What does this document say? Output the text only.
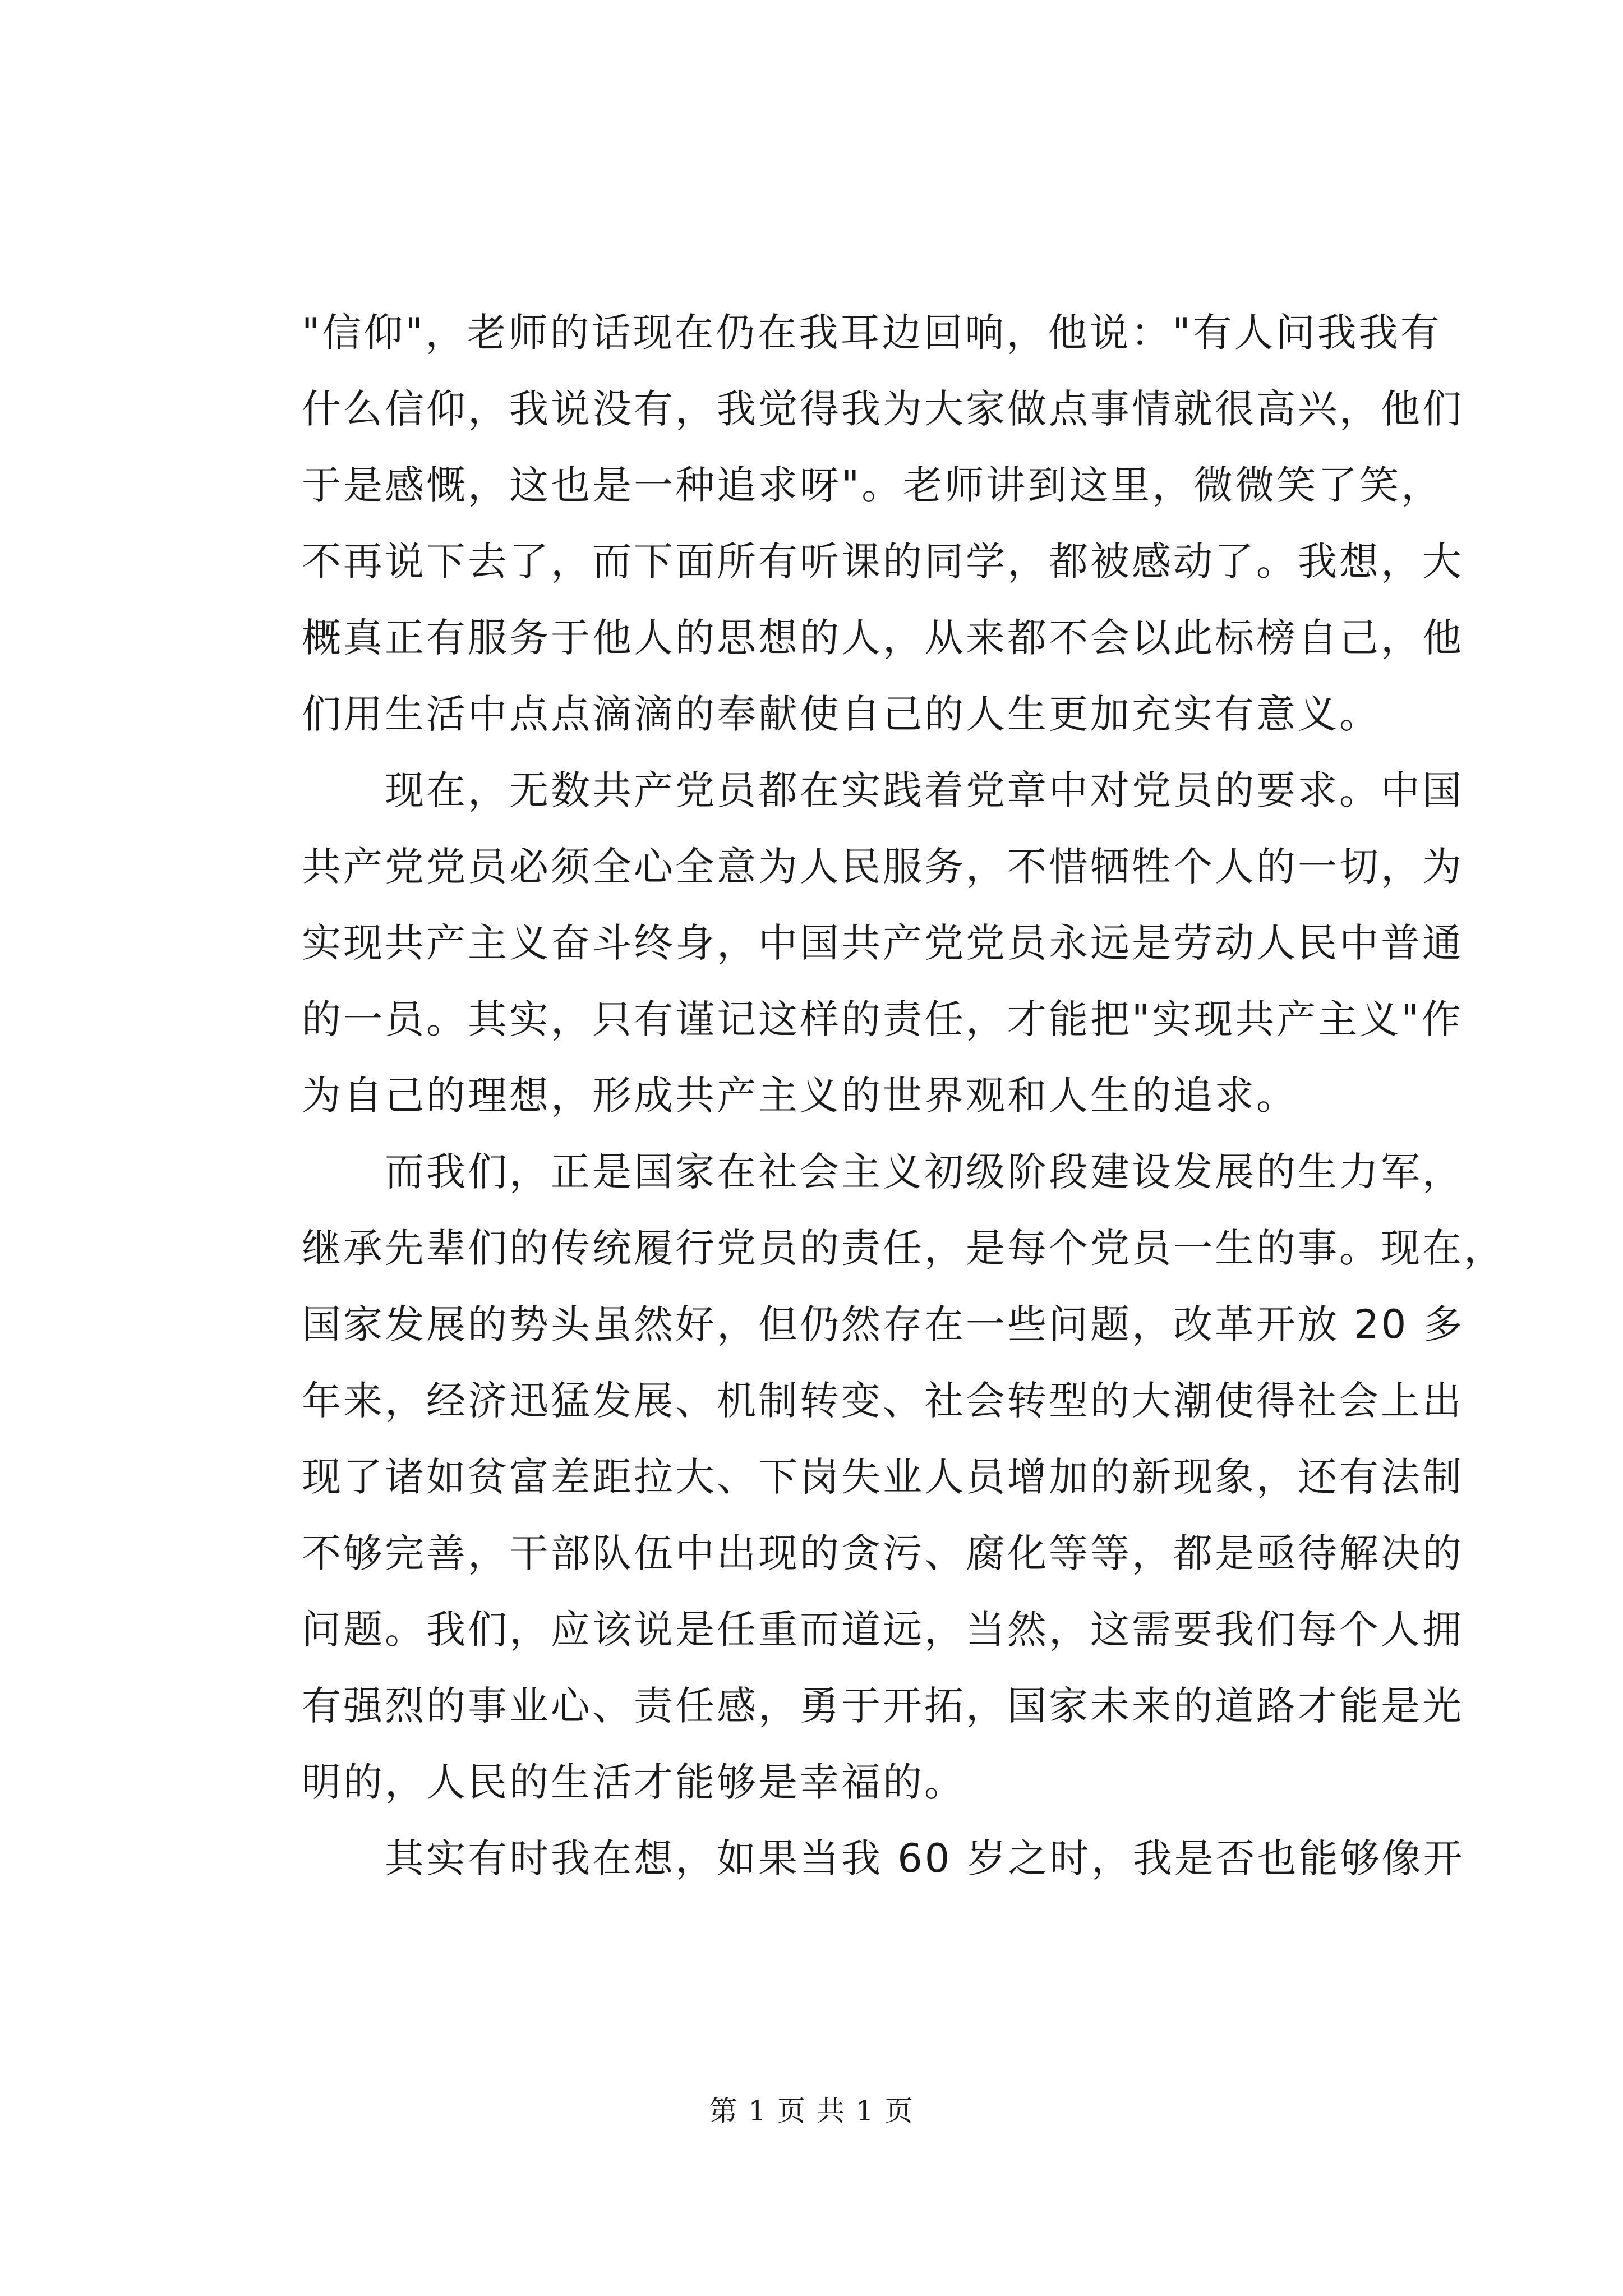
"信仰"，老师的话现在仍在我耳边回响，他说："有人问我我有
什么信仰，我说没有，我觉得我为大家做点事情就很高兴，他们
于是感慨，这也是一种追求呀"。老师讲到这里，微微笑了笑，
不再说下去了，而下面所有听课的同学，都被感动了。我想，大
概真正有服务于他人的思想的人，从来都不会以此标榜自己，他
们用生活中点点滴滴的奉献使自己的人生更加充实有意义。
　　现在，无数共产党员都在实践着党章中对党员的要求。中国
共产党党员必须全心全意为人民服务，不惜牺牲个人的一切，为
实现共产主义奋斗终身，中国共产党党员永远是劳动人民中普通
的一员。其实，只有谨记这样的责任，才能把"实现共产主义"作
为自己的理想，形成共产主义的世界观和人生的追求。
　　而我们，正是国家在社会主义初级阶段建设发展的生力军，
继承先辈们的传统履行党员的责任，是每个党员一生的事。现在，
国家发展的势头虽然好，但仍然存在一些问题，改革开放 20 多
年来，经济迅猛发展、机制转变、社会转型的大潮使得社会上出
现了诸如贫富差距拉大、下岗失业人员增加的新现象，还有法制
不够完善，干部队伍中出现的贪污、腐化等等，都是亟待解决的
问题。我们，应该说是任重而道远，当然，这需要我们每个人拥
有强烈的事业心、责任感，勇于开拓，国家未来的道路才能是光
明的，人民的生活才能够是幸福的。
　　其实有时我在想，如果当我 60 岁之时，我是否也能够像开
第 1 页 共 1 页
